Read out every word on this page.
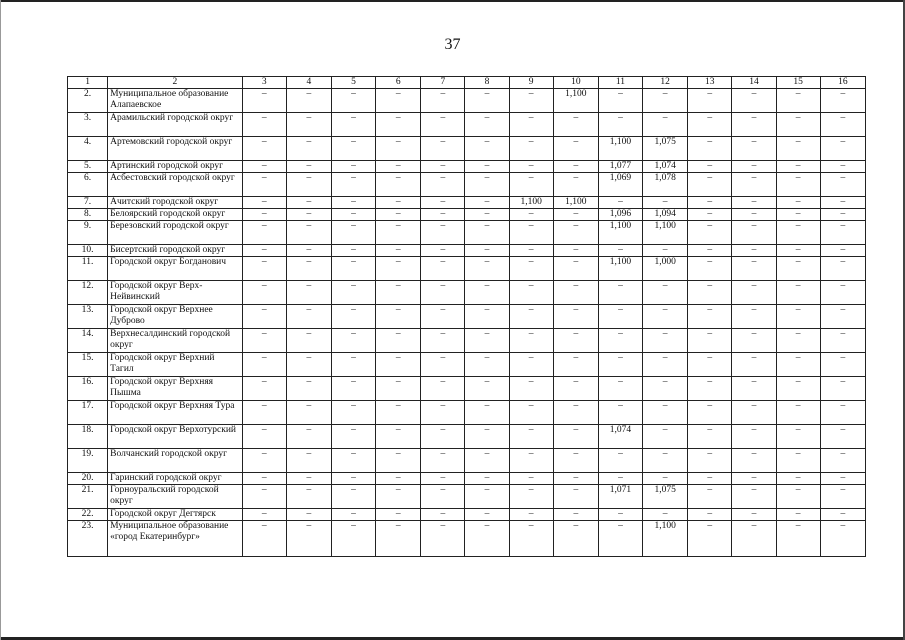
37
1	2	3	4	5	6	7	8	9	10	11	12	13	14	15	16
2.	Муниципальное образование Алапаевское	–	–	–	–	–	–	–	1,100	–	–	–	–	–	–
3.	Арамильский городской округ	–	–	–	–	–	–	–	–	–	–	–	–	–	–
4.	Артемовский городской округ	–	–	–	–	–	–	–	–	1,100	1,075	–	–	–	–
5.	Артинский городской округ	–	–	–	–	–	–	–	–	1,077	1,074	–	–	–	–
6.	Асбестовский городской округ	–	–	–	–	–	–	–	–	1,069	1,078	–	–	–	–
7.	Ачитский городской округ	–	–	–	–	–	–	1,100	1,100	–	–	–	–	–	–
8.	Белоярский городской округ	–	–	–	–	–	–	–	–	1,096	1,094	–	–	–	–
9.	Березовский городской округ	–	–	–	–	–	–	–	–	1,100	1,100	–	–	–	–
10.	Бисертский городской округ	–	–	–	–	–	–	–	–	–	–	–	–	–	–
11.	Городской округ Богданович	–	–	–	–	–	–	–	–	1,100	1,000	–	–	–	–
12.	Городской округ Верх-Нейвинский	–	–	–	–	–	–	–	–	–	–	–	–	–	–
13.	Городской округ Верхнее Дуброво	–	–	–	–	–	–	–	–	–	–	–	–	–	–
14.	Верхнесалдинский городской округ	–	–	–	–	–	–	–	–	–	–	–	–	–	–
15.	Городской округ Верхний Тагил	–	–	–	–	–	–	–	–	–	–	–	–	–	–
16.	Городской округ Верхняя Пышма	–	–	–	–	–	–	–	–	–	–	–	–	–	–
17.	Городской округ Верхняя Тура	–	–	–	–	–	–	–	–	–	–	–	–	–	–
18.	Городской округ Верхотурский	–	–	–	–	–	–	–	–	1,074	–	–	–	–	–
19.	Волчанский городской округ	–	–	–	–	–	–	–	–	–	–	–	–	–	–
20.	Гаринский городской округ	–	–	–	–	–	–	–	–	–	–	–	–	–	–
21.	Горноуральский городской округ	–	–	–	–	–	–	–	–	1,071	1,075	–	–	–	–
22.	Городской округ Дегтярск	–	–	–	–	–	–	–	–	–	–	–	–	–	–
23.	Муниципальное образование «город Екатеринбург»	–	–	–	–	–	–	–	–	–	1,100	–	–	–	–
